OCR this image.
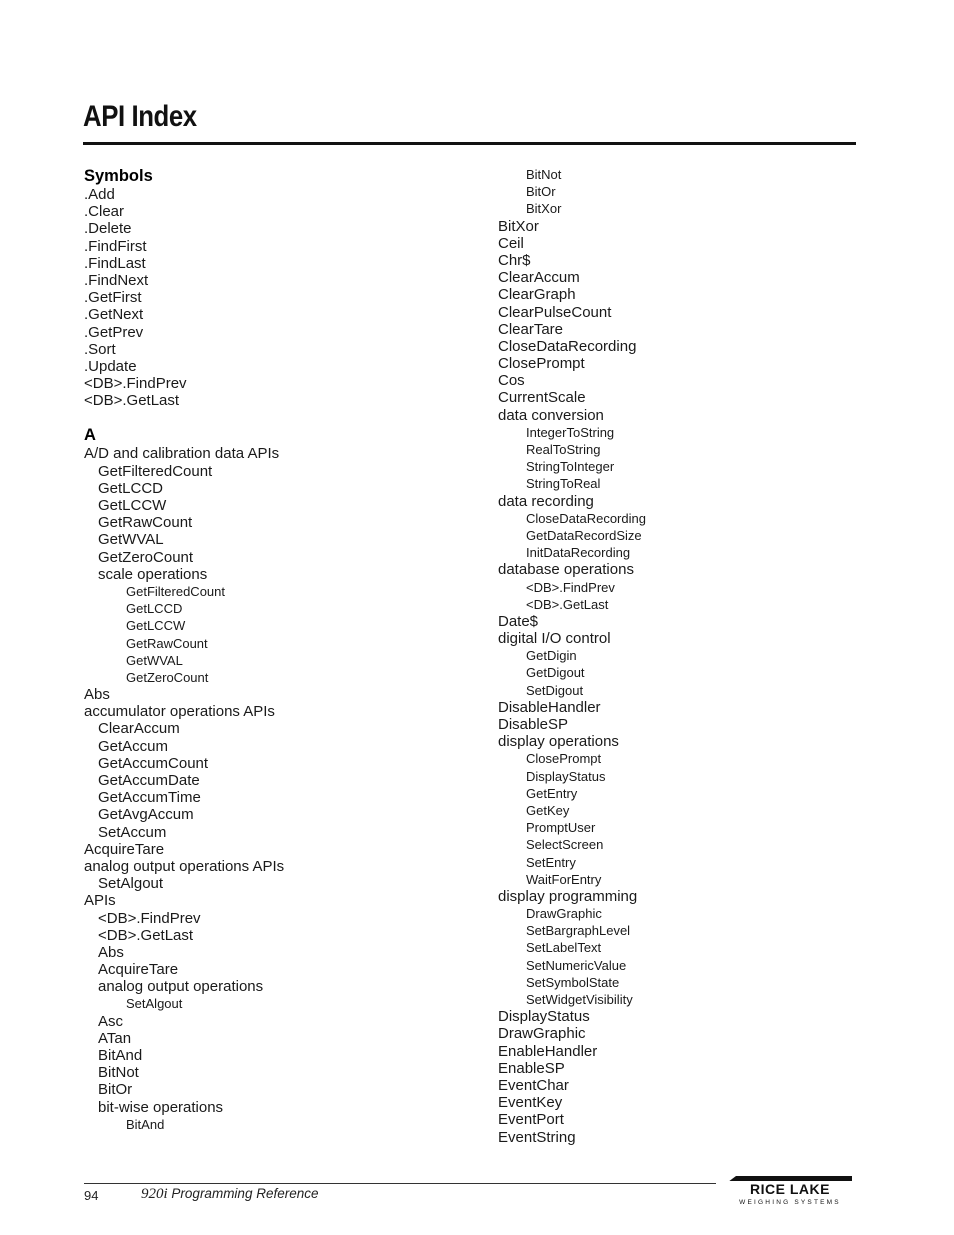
API Index
Symbols
.Add
.Clear
.Delete
.FindFirst
.FindLast
.FindNext
.GetFirst
.GetNext
.GetPrev
.Sort
.Update
<DB>.FindPrev
<DB>.GetLast
A
A/D and calibration data APIs
GetFilteredCount
GetLCCD
GetLCCW
GetRawCount
GetWVAL
GetZeroCount
scale operations
GetFilteredCount
GetLCCD
GetLCCW
GetRawCount
GetWVAL
GetZeroCount
Abs
accumulator operations APIs
ClearAccum
GetAccum
GetAccumCount
GetAccumDate
GetAccumTime
GetAvgAccum
SetAccum
AcquireTare
analog output operations APIs
SetAlgout
APIs
<DB>.FindPrev
<DB>.GetLast
Abs
AcquireTare
analog output operations
SetAlgout
Asc
ATan
BitAnd
BitNot
BitOr
bit-wise operations
BitAnd
BitNot
BitOr
BitXor
BitXor
Ceil
Chr$
ClearAccum
ClearGraph
ClearPulseCount
ClearTare
CloseDataRecording
ClosePrompt
Cos
CurrentScale
data conversion
IntegerToString
RealToString
StringToInteger
StringToReal
data recording
CloseDataRecording
GetDataRecordSize
InitDataRecording
database operations
<DB>.FindPrev
<DB>.GetLast
Date$
digital I/O control
GetDigin
GetDigout
SetDigout
DisableHandler
DisableSP
display operations
ClosePrompt
DisplayStatus
GetEntry
GetKey
PromptUser
SelectScreen
SetEntry
WaitForEntry
display programming
DrawGraphic
SetBargraphLevel
SetLabelText
SetNumericValue
SetSymbolState
SetWidgetVisibility
DisplayStatus
DrawGraphic
EnableHandler
EnableSP
EventChar
EventKey
EventPort
EventString
94	920i Programming Reference	RICE LAKE
WEIGHING SYSTEMS
